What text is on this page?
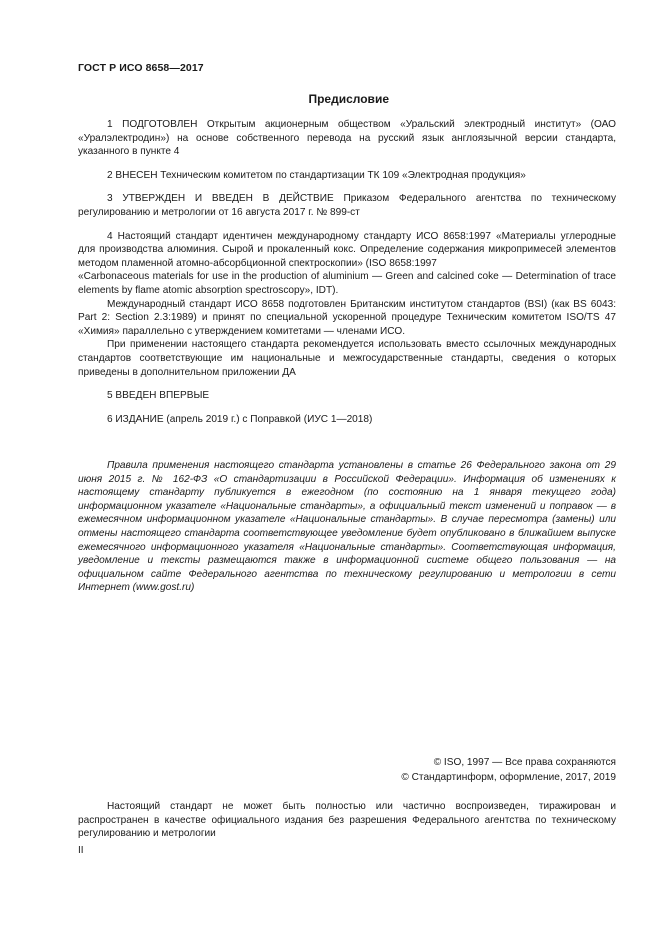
ГОСТ Р ИСО 8658—2017
Предисловие

1 ПОДГОТОВЛЕН Открытым акционерным обществом «Уральский электродный институт» (ОАО «Уралэлектродин») на основе собственного перевода на русский язык англоязычной версии стандарта, указанного в пункте 4

2 ВНЕСЕН Техническим комитетом по стандартизации ТК 109 «Электродная продукция»

3 УТВЕРЖДЕН И ВВЕДЕН В ДЕЙСТВИЕ Приказом Федерального агентства по техническому регулированию и метрологии от 16 августа 2017 г. № 899-ст

4 Настоящий стандарт идентичен международному стандарту ИСО 8658:1997 «Материалы углеродные для производства алюминия. Сырой и прокаленный кокс. Определение содержания микропримесей элементов методом пламенной атомно-абсорбционной спектроскопии» (ISO 8658:1997

«Carbonaceous materials for use in the production of aluminium — Green and calcined coke — Determination of trace elements by flame atomic absorption spectroscopy», IDT).

Международный стандарт ИСО 8658 подготовлен Британским институтом стандартов (BSI) (как BS 6043: Part 2: Section 2.3:1989) и принят по специальной ускоренной процедуре Техническим комитетом ISO/TS 47 «Химия» параллельно с утверждением комитетами — членами ИСО.

При применении настоящего стандарта рекомендуется использовать вместо ссылочных международных стандартов соответствующие им национальные и межгосударственные стандарты, сведения о которых приведены в дополнительном приложении ДА

5 ВВЕДЕН ВПЕРВЫЕ

6 ИЗДАНИЕ (апрель 2019 г.) с Поправкой (ИУС 1—2018)

Правила применения настоящего стандарта установлены в статье 26 Федерального закона от 29 июня 2015 г. № 162-ФЗ «О стандартизации в Российской Федерации». Информация об изменениях к настоящему стандарту публикуется в ежегодном (по состоянию на 1 января текущего года) информационном указателе «Национальные стандарты», а официальный текст изменений и поправок — в ежемесячном информационном указателе «Национальные стандарты». В случае пересмотра (замены) или отмены настоящего стандарта соответствующее уведомление будет опубликовано в ближайшем выпуске ежемесячного информационного указателя «Национальные стандарты». Соответствующая информация, уведомление и тексты размещаются также в информационной системе общего пользования — на официальном сайте Федерального агентства по техническому регулированию и метрологии в сети Интернет (www.gost.ru)
© ISO, 1997 — Все права сохраняются
© Стандартинформ, оформление, 2017, 2019
Настоящий стандарт не может быть полностью или частично воспроизведен, тиражирован и распространен в качестве официального издания без разрешения Федерального агентства по техническому регулированию и метрологии
II
